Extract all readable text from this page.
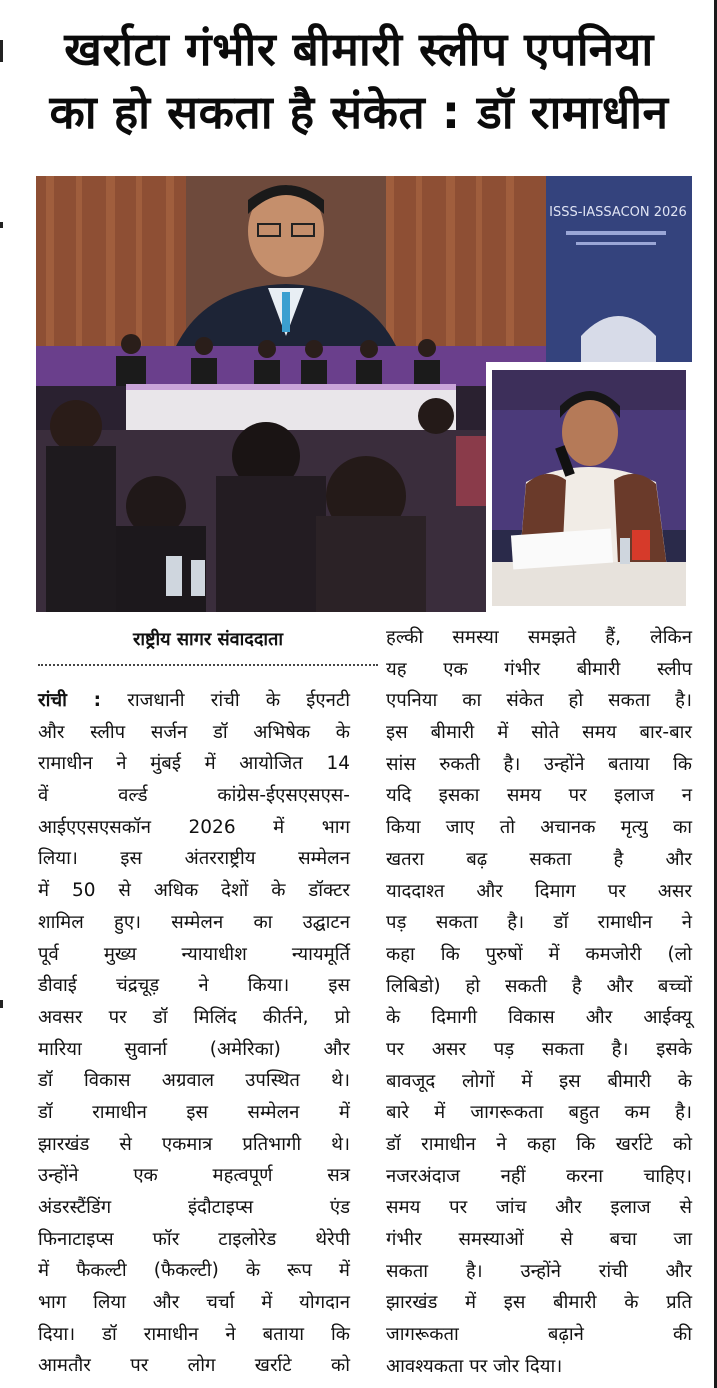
खर्राटा गंभीर बीमारी स्लीप एपनिया
का हो सकता है संकेत : डॉ रामाधीन
ISSS-IASSACON 2026
राष्ट्रीय सागर संवाददाता
रांची : राजधानी रांची के ईएनटी
और स्लीप सर्जन डॉ अभिषेक के
रामाधीन ने मुंबई में आयोजित 14
वें वर्ल्ड कांग्रेस-ईएसएसएस-
आईएएसएसकॉन 2026 में भाग
लिया। इस अंतरराष्ट्रीय सम्मेलन
में 50 से अधिक देशों के डॉक्टर
शामिल हुए। सम्मेलन का उद्घाटन
पूर्व मुख्य न्यायाधीश न्यायमूर्ति
डीवाई चंद्रचूड़ ने किया। इस
अवसर पर डॉ मिलिंद कीर्तने, प्रो
मारिया सुवार्ना (अमेरिका) और
डॉ विकास अग्रवाल उपस्थित थे।
डॉ रामाधीन इस सम्मेलन में
झारखंड से एकमात्र प्रतिभागी थे।
उन्होंने एक महत्वपूर्ण सत्र
अंडरस्टैंडिंग इंदौटाइप्स एंड
फिनाटाइप्स फॉर टाइलोरेड थेरेपी
में फैकल्टी (फैकल्टी) के रूप में
भाग लिया और चर्चा में योगदान
दिया। डॉ रामाधीन ने बताया कि
आमतौर पर लोग खर्राटे को
हल्की समस्या समझते हैं, लेकिन
यह एक गंभीर बीमारी स्लीप
एपनिया का संकेत हो सकता है।
इस बीमारी में सोते समय बार-बार
सांस रुकती है। उन्होंने बताया कि
यदि इसका समय पर इलाज न
किया जाए तो अचानक मृत्यु का
खतरा बढ़ सकता है और
याददाश्त और दिमाग पर असर
पड़ सकता है। डॉ रामाधीन ने
कहा कि पुरुषों में कमजोरी (लो
लिबिडो) हो सकती है और बच्चों
के दिमागी विकास और आईक्यू
पर असर पड़ सकता है। इसके
बावजूद लोगों में इस बीमारी के
बारे में जागरूकता बहुत कम है।
डॉ रामाधीन ने कहा कि खर्राटे को
नजरअंदाज नहीं करना चाहिए।
समय पर जांच और इलाज से
गंभीर समस्याओं से बचा जा
सकता है। उन्होंने रांची और
झारखंड में इस बीमारी के प्रति
जागरूकता बढ़ाने की
आवश्यकता पर जोर दिया।
